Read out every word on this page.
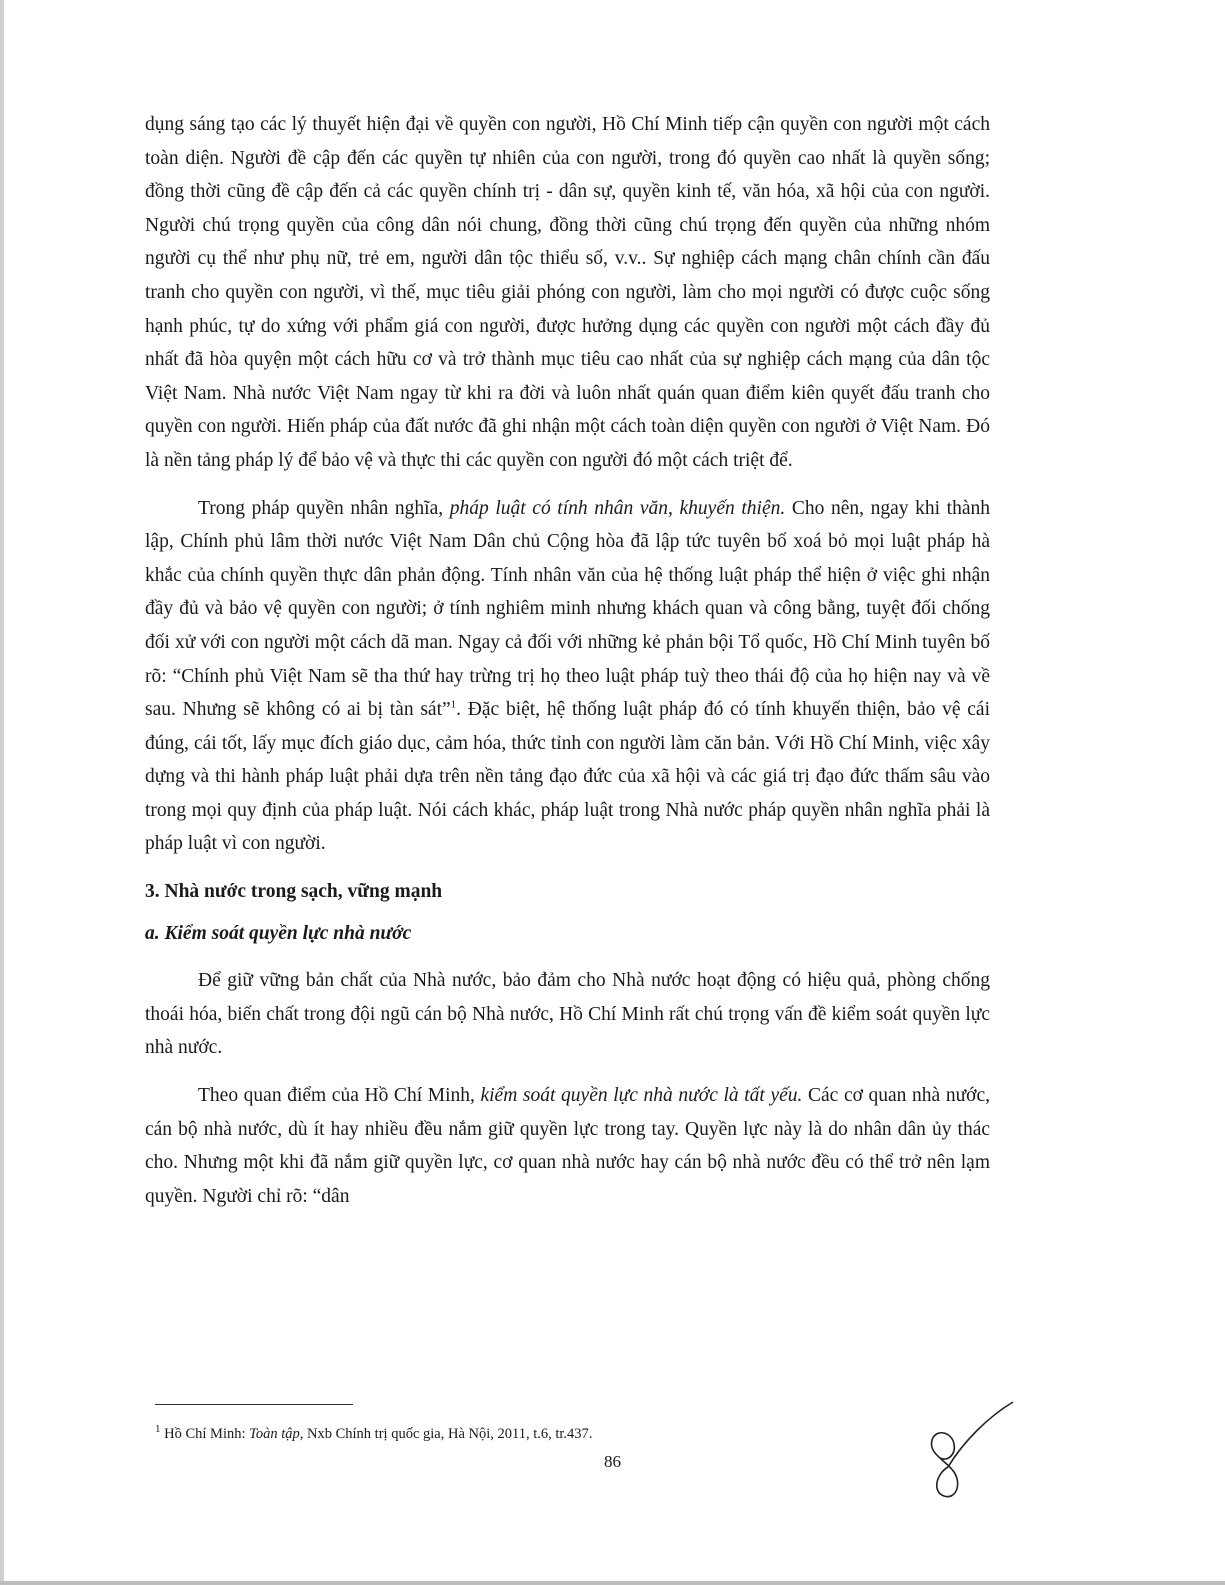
dụng sáng tạo các lý thuyết hiện đại về quyền con người, Hồ Chí Minh tiếp cận quyền con người một cách toàn diện. Người đề cập đến các quyền tự nhiên của con người, trong đó quyền cao nhất là quyền sống; đồng thời cũng đề cập đến cả các quyền chính trị - dân sự, quyền kinh tế, văn hóa, xã hội của con người. Người chú trọng quyền của công dân nói chung, đồng thời cũng chú trọng đến quyền của những nhóm người cụ thể như phụ nữ, trẻ em, người dân tộc thiểu số, v.v.. Sự nghiệp cách mạng chân chính cần đấu tranh cho quyền con người, vì thế, mục tiêu giải phóng con người, làm cho mọi người có được cuộc sống hạnh phúc, tự do xứng với phẩm giá con người, được hưởng dụng các quyền con người một cách đầy đủ nhất đã hòa quyện một cách hữu cơ và trở thành mục tiêu cao nhất của sự nghiệp cách mạng của dân tộc Việt Nam. Nhà nước Việt Nam ngay từ khi ra đời và luôn nhất quán quan điểm kiên quyết đấu tranh cho quyền con người. Hiến pháp của đất nước đã ghi nhận một cách toàn diện quyền con người ở Việt Nam. Đó là nền tảng pháp lý để bảo vệ và thực thi các quyền con người đó một cách triệt để.

Trong pháp quyền nhân nghĩa, pháp luật có tính nhân văn, khuyến thiện. Cho nên, ngay khi thành lập, Chính phủ lâm thời nước Việt Nam Dân chủ Cộng hòa đã lập tức tuyên bố xoá bỏ mọi luật pháp hà khắc của chính quyền thực dân phản động. Tính nhân văn của hệ thống luật pháp thể hiện ở việc ghi nhận đầy đủ và bảo vệ quyền con người; ở tính nghiêm minh nhưng khách quan và công bằng, tuyệt đối chống đối xử với con người một cách dã man. Ngay cả đối với những kẻ phản bội Tổ quốc, Hồ Chí Minh tuyên bố rõ: “Chính phủ Việt Nam sẽ tha thứ hay trừng trị họ theo luật pháp tuỳ theo thái độ của họ hiện nay và về sau. Nhưng sẽ không có ai bị tàn sát”$^1$. Đặc biệt, hệ thống luật pháp đó có tính khuyến thiện, bảo vệ cái đúng, cái tốt, lấy mục đích giáo dục, cảm hóa, thức tỉnh con người làm căn bản. Với Hồ Chí Minh, việc xây dựng và thi hành pháp luật phải dựa trên nền tảng đạo đức của xã hội và các giá trị đạo đức thấm sâu vào trong mọi quy định của pháp luật. Nói cách khác, pháp luật trong Nhà nước pháp quyền nhân nghĩa phải là pháp luật vì con người.

3. Nhà nước trong sạch, vững mạnh

a. Kiểm soát quyền lực nhà nước

Để giữ vững bản chất của Nhà nước, bảo đảm cho Nhà nước hoạt động có hiệu quả, phòng chống thoái hóa, biến chất trong đội ngũ cán bộ Nhà nước, Hồ Chí Minh rất chú trọng vấn đề kiểm soát quyền lực nhà nước.

Theo quan điểm của Hồ Chí Minh, kiểm soát quyền lực nhà nước là tất yếu. Các cơ quan nhà nước, cán bộ nhà nước, dù ít hay nhiều đều nắm giữ quyền lực trong tay. Quyền lực này là do nhân dân ủy thác cho. Nhưng một khi đã nắm giữ quyền lực, cơ quan nhà nước hay cán bộ nhà nước đều có thể trở nên lạm quyền. Người chỉ rõ: “dân

$^1$ Hồ Chí Minh: Toàn tập, Nxb Chính trị quốc gia, Hà Nội, 2011, t.6, tr.437.
86
